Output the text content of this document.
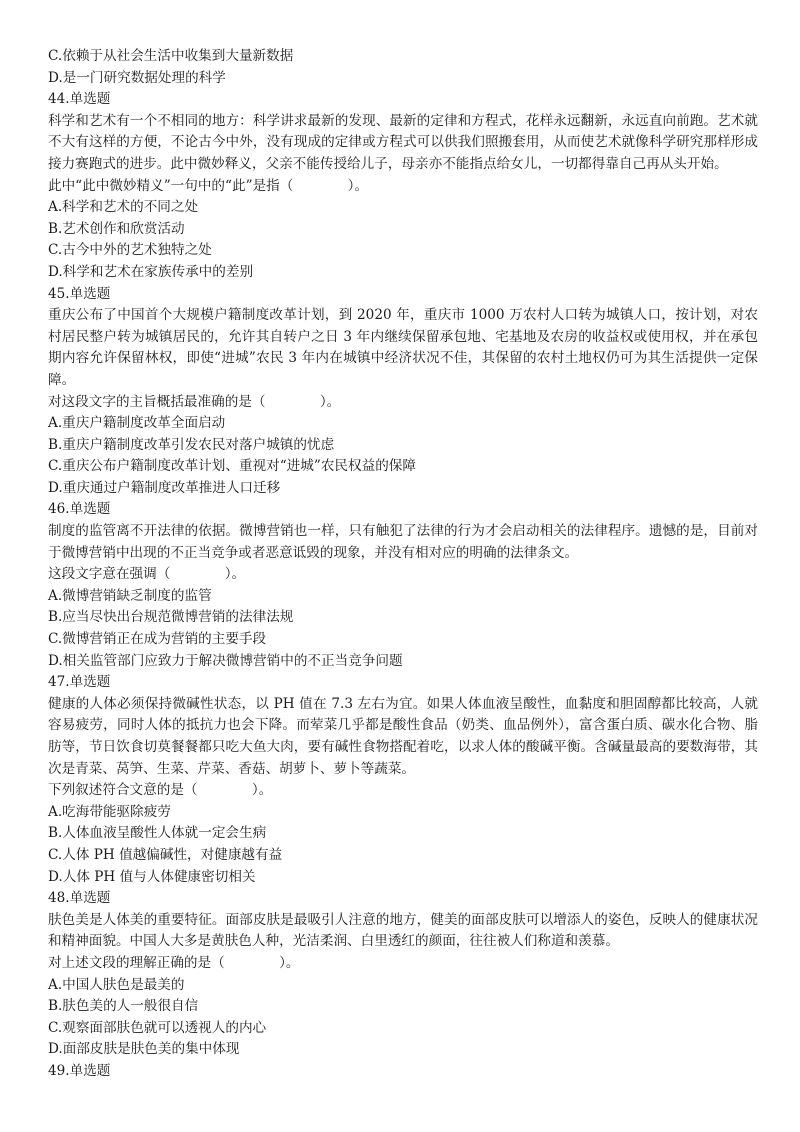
C.依赖于从社会生活中收集到大量新数据
D.是一门研究数据处理的科学
44.单选题

科学和艺术有一个不相同的地方：科学讲求最新的发现、最新的定律和方程式，花样永远翻新，永远直向前跑。艺术就不大有这样的方便，不论古今中外，没有现成的定律或方程式可以供我们照搬套用，从而使艺术就像科学研究那样形成接力赛跑式的进步。此中微妙释义，父亲不能传授给儿子，母亲亦不能指点给女儿，一切都得靠自己再从头开始。

此中“此中微妙精义”一句中的“此”是指（　　　　）。
A.科学和艺术的不同之处
B.艺术创作和欣赏活动
C.古今中外的艺术独特之处
D.科学和艺术在家族传承中的差别
45.单选题

重庆公布了中国首个大规模户籍制度改革计划，到 2020 年，重庆市 1000 万农村人口转为城镇人口，按计划，对农村居民整户转为城镇居民的，允许其自转户之日 3 年内继续保留承包地、宅基地及农房的收益权或使用权，并在承包期内容允许保留林权，即使“进城”农民 3 年内在城镇中经济状况不佳，其保留的农村土地权仍可为其生活提供一定保障。

对这段文字的主旨概括最准确的是（　　　　）。
A.重庆户籍制度改革全面启动
B.重庆户籍制度改革引发农民对落户城镇的忧虑
C.重庆公布户籍制度改革计划、重视对“进城”农民权益的保障
D.重庆通过户籍制度改革推进人口迁移
46.单选题

制度的监管离不开法律的依据。微博营销也一样，只有触犯了法律的行为才会启动相关的法律程序。遗憾的是，目前对于微博营销中出现的不正当竞争或者恶意诋毁的现象，并没有相对应的明确的法律条文。

这段文字意在强调（　　　　）。
A.微博营销缺乏制度的监管
B.应当尽快出台规范微博营销的法律法规
C.微博营销正在成为营销的主要手段
D.相关监管部门应致力于解决微博营销中的不正当竞争问题
47.单选题

健康的人体必须保持微碱性状态，以 PH 值在 7.3 左右为宜。如果人体血液呈酸性，血黏度和胆固醇都比较高，人就容易疲劳，同时人体的抵抗力也会下降。而荤菜几乎都是酸性食品（奶类、血品例外），富含蛋白质、碳水化合物、脂肪等，节日饮食切莫餐餐都只吃大鱼大肉，要有碱性食物搭配着吃，以求人体的酸碱平衡。含碱量最高的要数海带，其次是青菜、莴笋、生菜、芹菜、香菇、胡萝卜、萝卜等蔬菜。

下列叙述符合文意的是（　　　　）。
A.吃海带能驱除疲劳
B.人体血液呈酸性人体就一定会生病
C.人体 PH 值越偏碱性，对健康越有益
D.人体 PH 值与人体健康密切相关
48.单选题

肤色美是人体美的重要特征。面部皮肤是最吸引人注意的地方，健美的面部皮肤可以增添人的姿色，反映人的健康状况和精神面貌。中国人大多是黄肤色人种，光洁柔润、白里透红的颜面，往往被人们称道和羡慕。

对上述文段的理解正确的是（　　　　）。
A.中国人肤色是最美的
B.肤色美的人一般很自信
C.观察面部肤色就可以透视人的内心
D.面部皮肤是肤色美的集中体现
49.单选题
